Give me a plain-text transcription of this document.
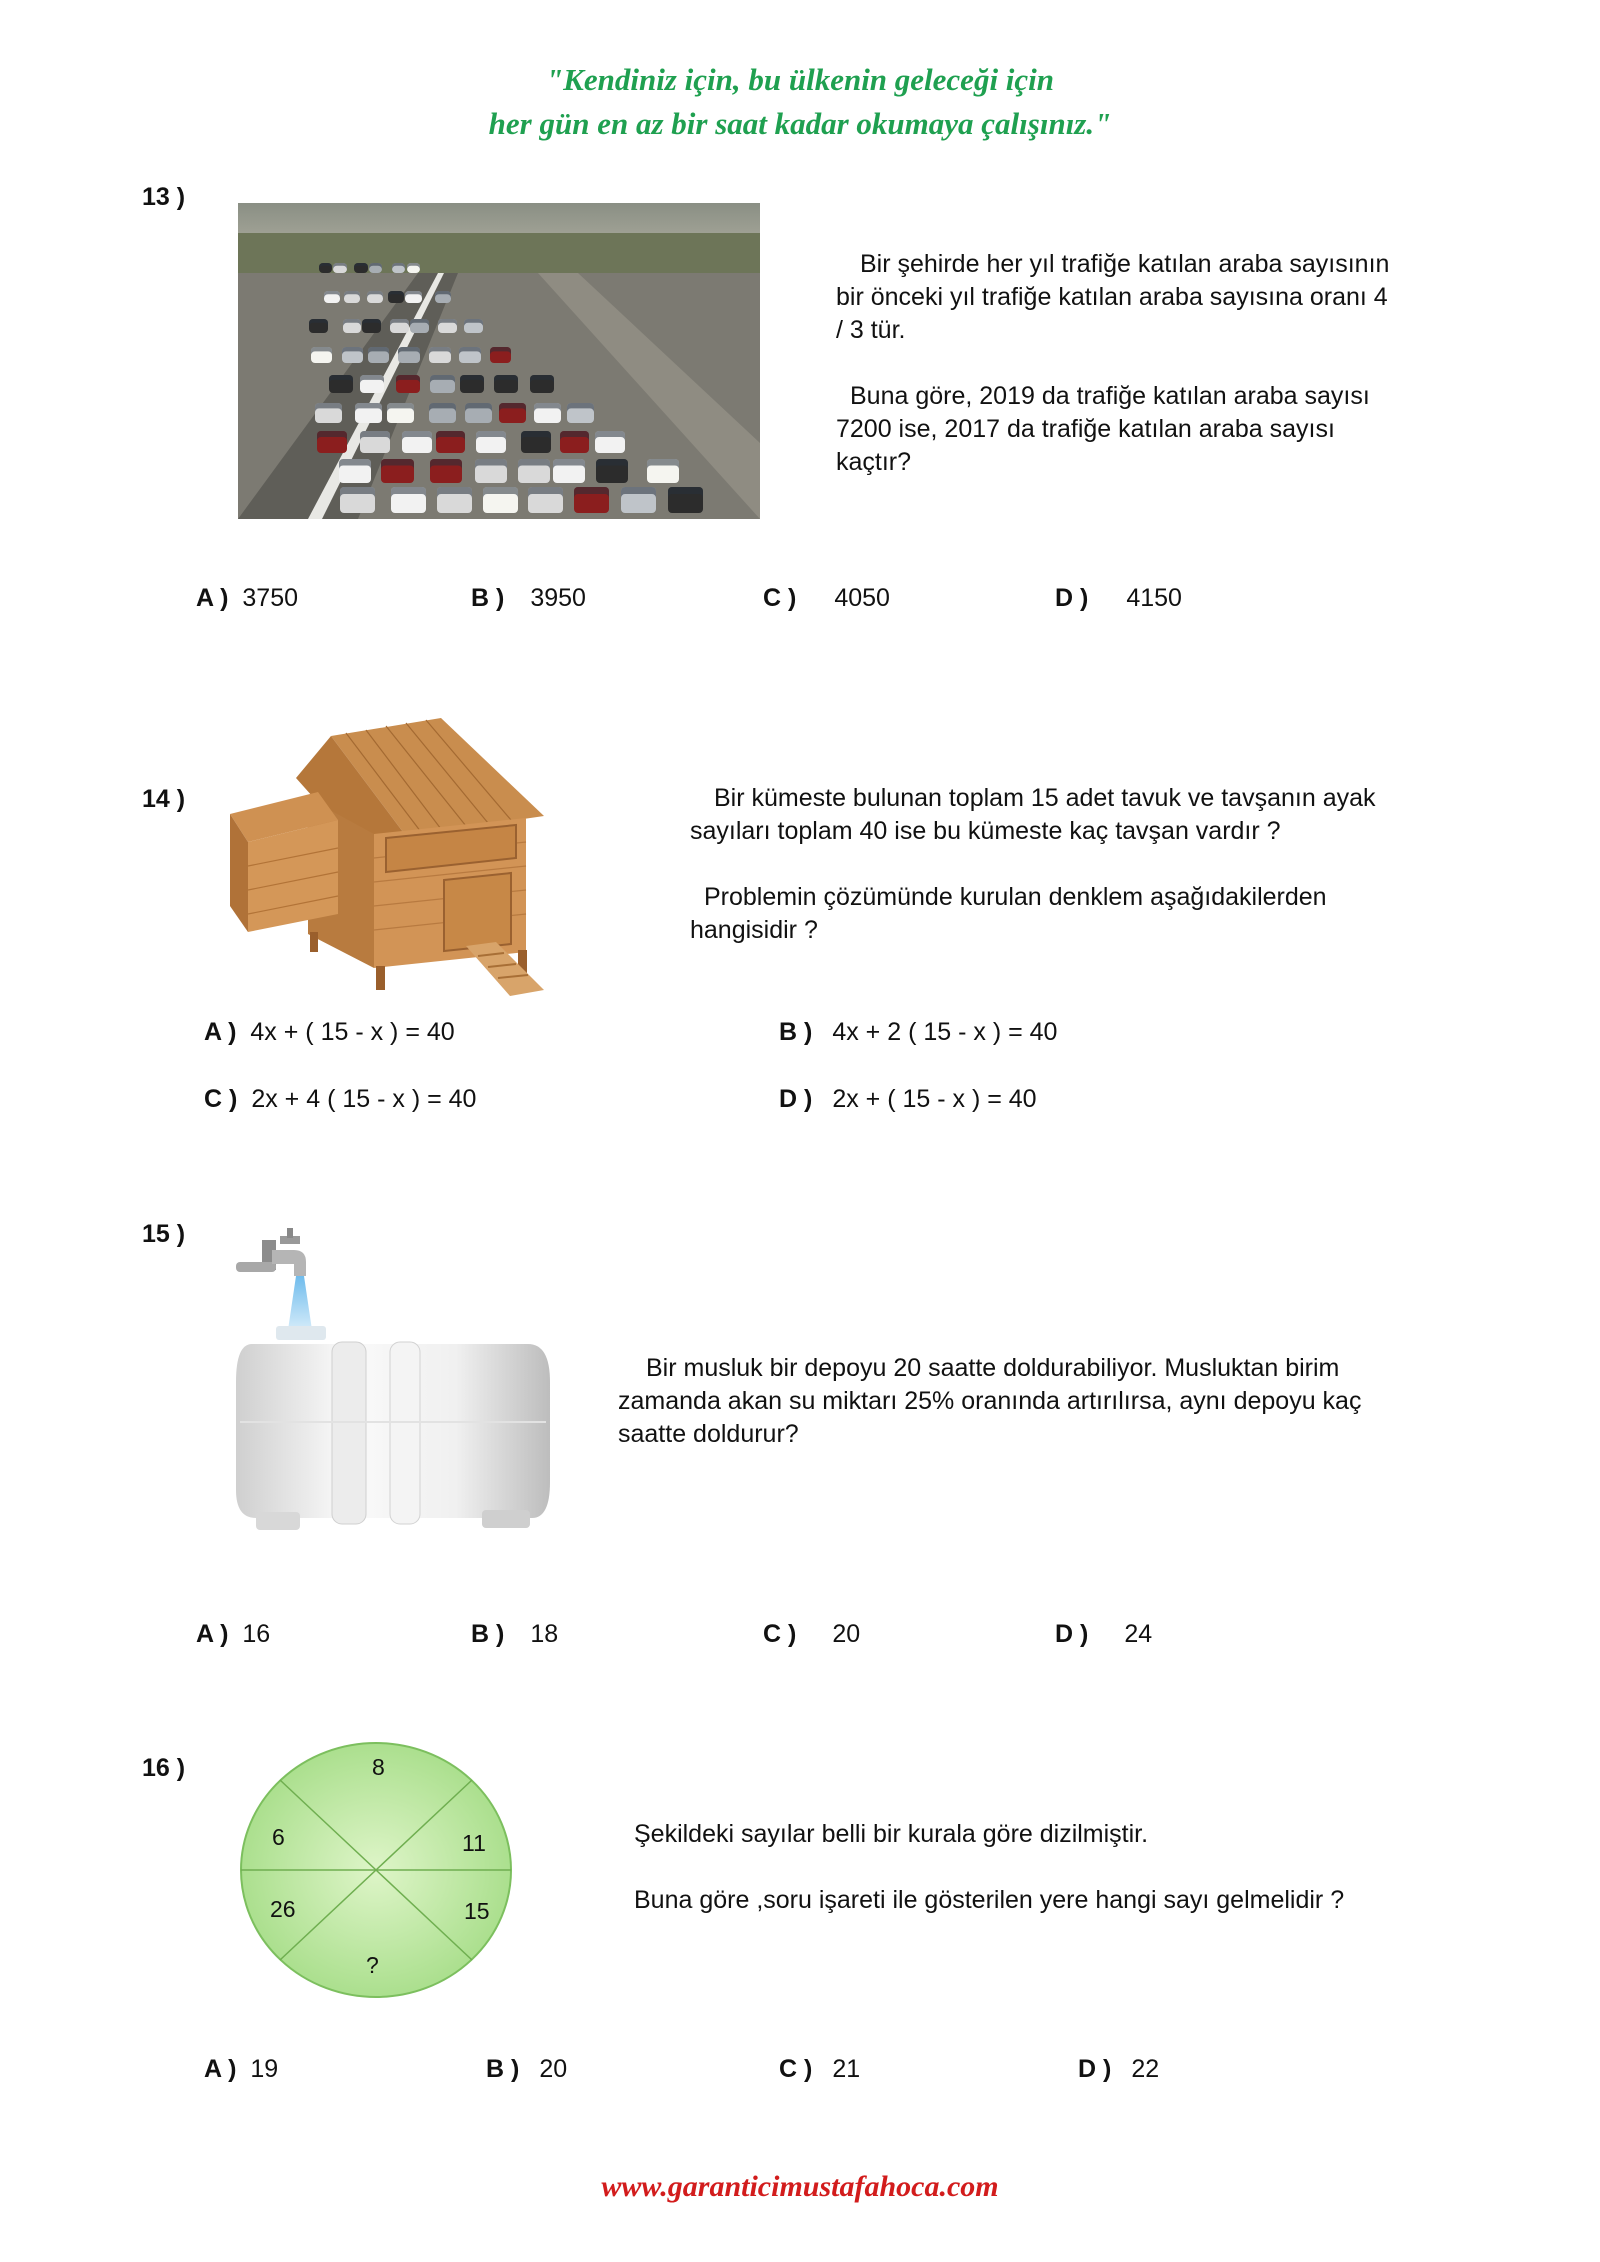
"Kendiniz için, bu ülkenin geleceği için
her gün en az bir saat kadar okumaya çalışınız."
13 )

Bir şehirde her yıl trafiğe katılan araba sayısının bir önceki yıl trafiğe katılan araba sayısına oranı 4 / 3 tür.

Buna göre, 2019 da trafiğe katılan araba sayısı 7200 ise, 2017 da trafiğe katılan araba sayısı kaçtır?

A ) 3750	B ) 3950	C ) 4050	D ) 4150
14 )	Bir kümeste bulunan toplam 15 adet tavuk ve tavşanın ayak sayıları toplam 40 ise bu kümeste kaç tavşan vardır ?

Problemin çözümünde kurulan denklem aşağıdakilerden hangisidir ?

A ) 4x + ( 15 - x ) = 40	B ) 4x + 2 ( 15 - x ) = 40
C ) 2x + 4 ( 15 - x ) = 40	D ) 2x + ( 15 - x ) = 40
15 )

Bir musluk bir depoyu 20 saatte doldurabiliyor. Musluktan birim zamanda akan su miktarı 25% oranında artırılırsa, aynı depoyu kaç saatte doldurur?

A ) 16	B ) 18	C ) 20	D ) 24
16 )	8
6	11
26	15
?

Şekildeki sayılar belli bir kurala göre dizilmiştir.

Buna göre ,soru işareti ile gösterilen yere hangi sayı gelmelidir ?

A ) 19	B ) 20	C ) 21	D ) 22
www.garanticimustafahoca.com
